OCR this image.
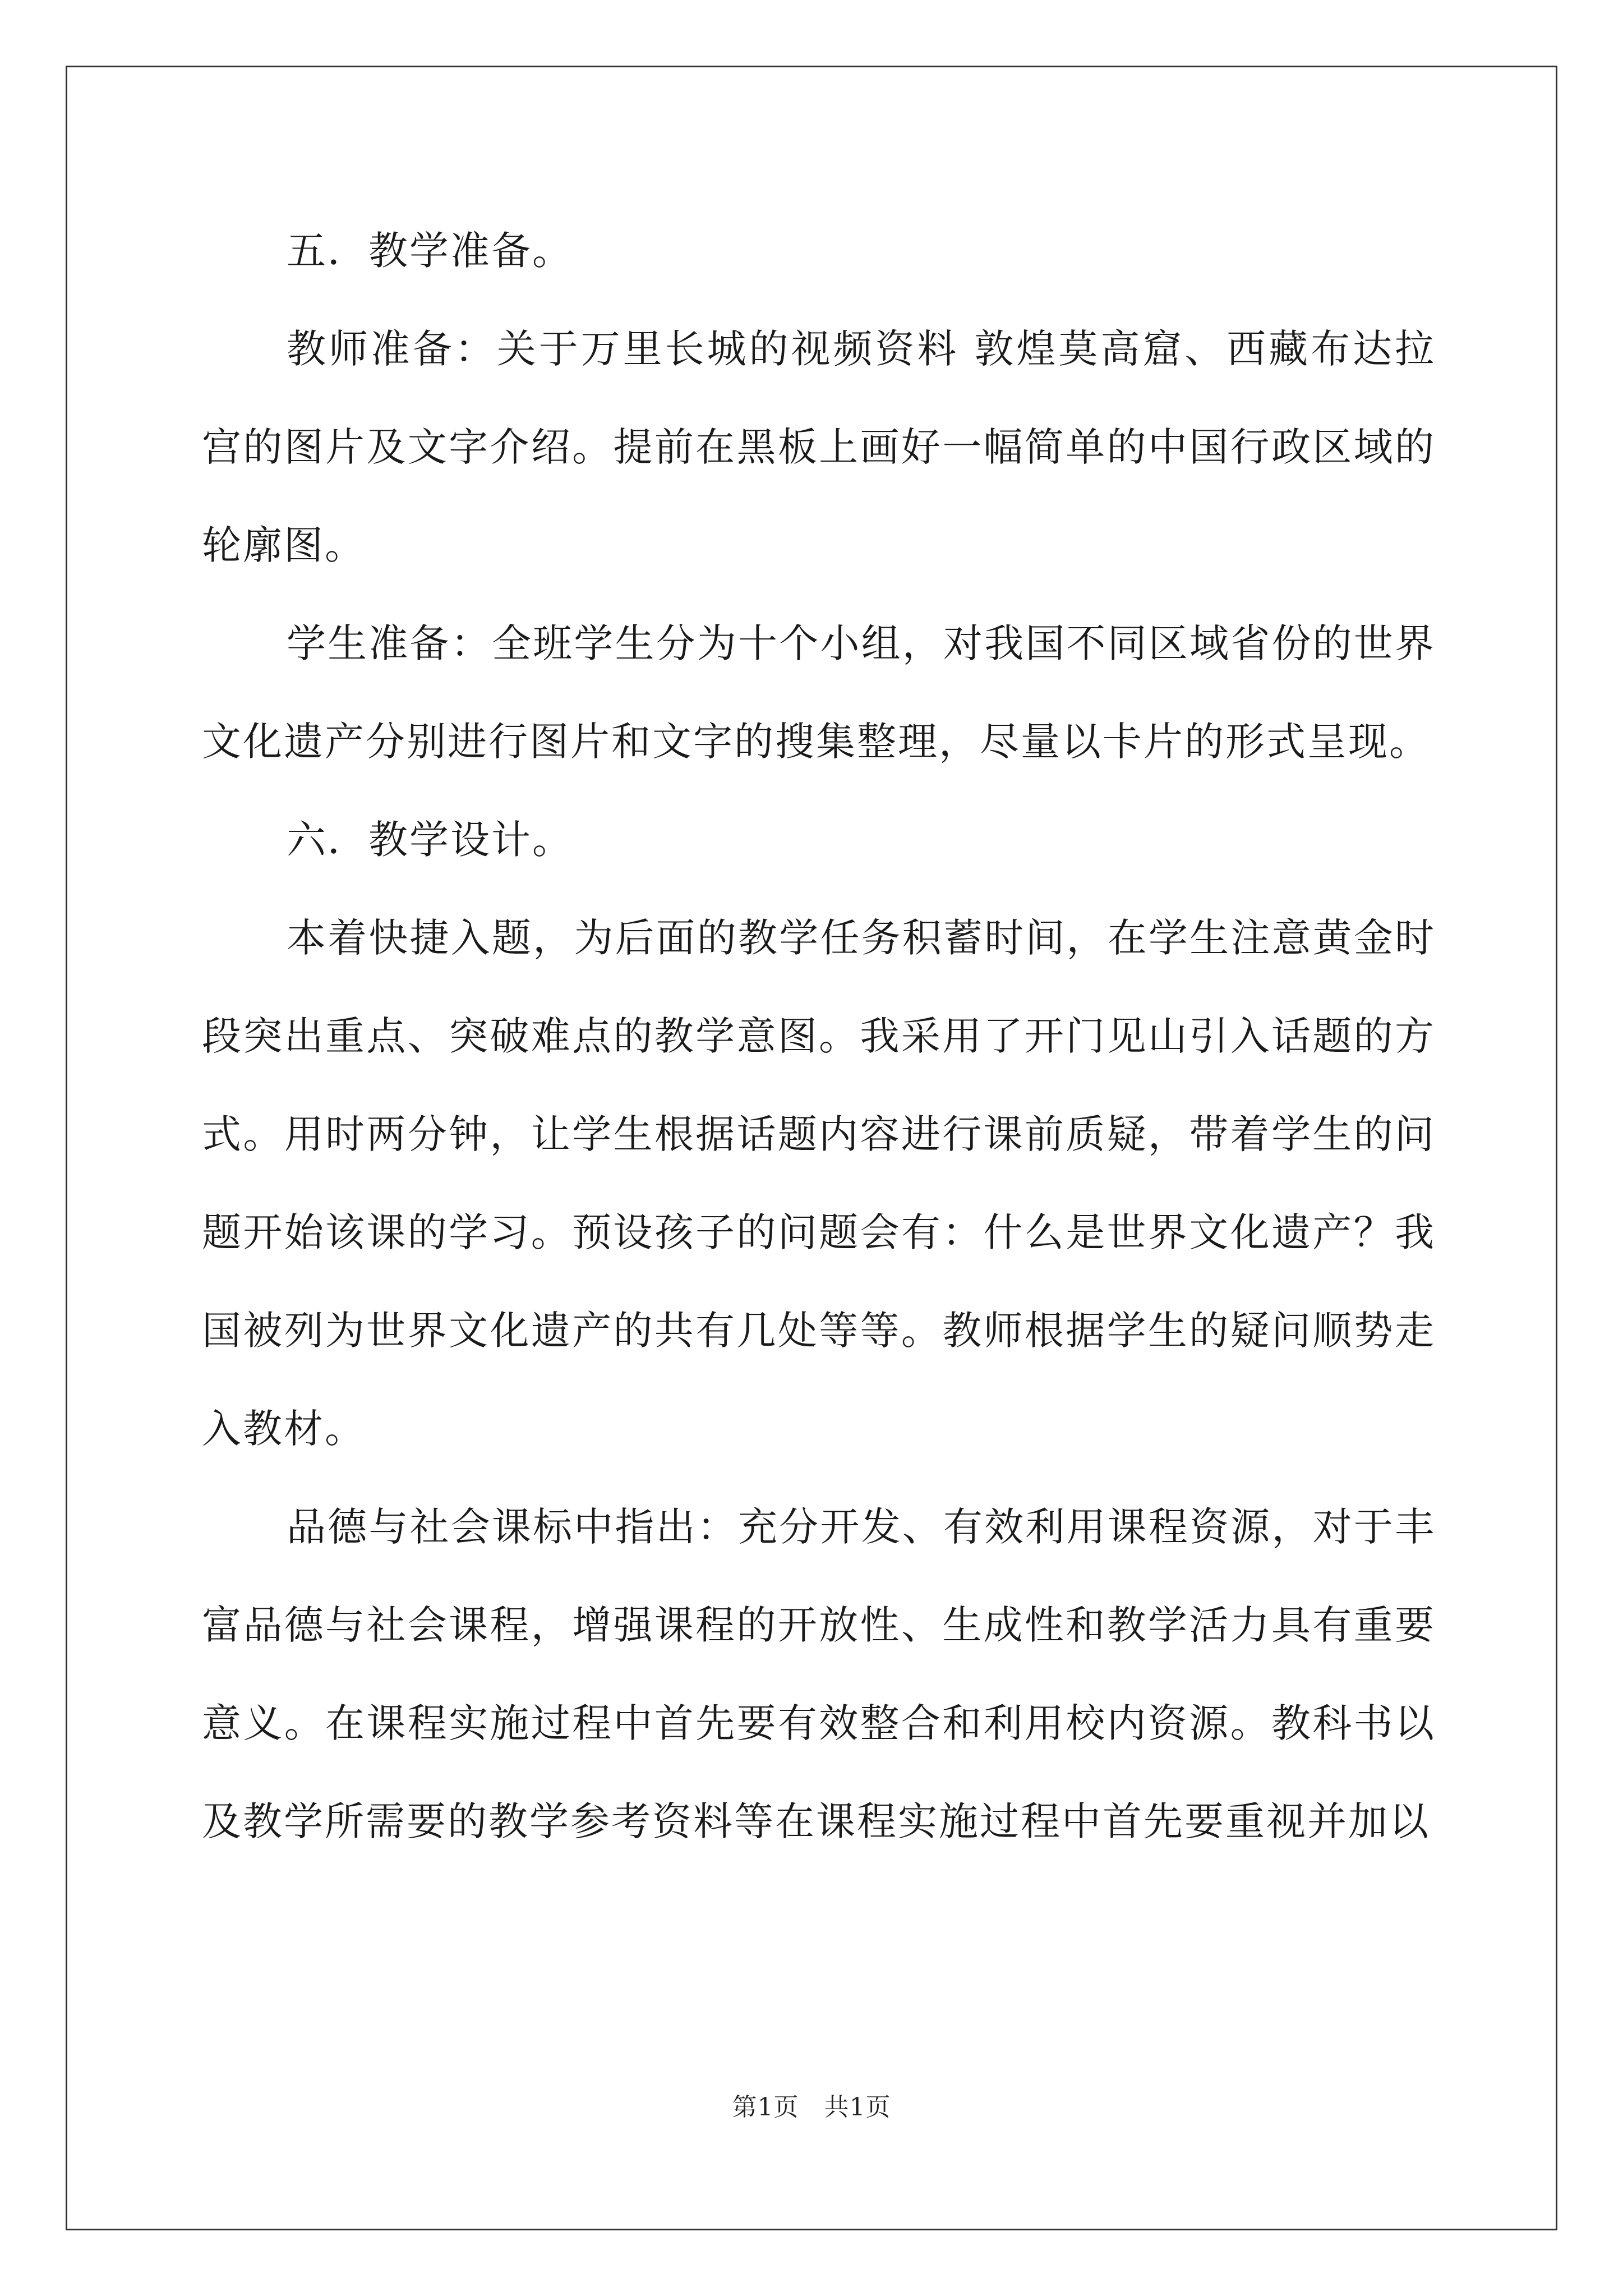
五．教学准备。

教师准备：关于万里长城的视频资料 敦煌莫高窟、西藏布达拉宫的图片及文字介绍。提前在黑板上画好一幅简单的中国行政区域的轮廓图。

学生准备：全班学生分为十个小组，对我国不同区域省份的世界文化遗产分别进行图片和文字的搜集整理，尽量以卡片的形式呈现。

六．教学设计。

本着快捷入题，为后面的教学任务积蓄时间，在学生注意黄金时段突出重点、突破难点的教学意图。我采用了开门见山引入话题的方式。用时两分钟，让学生根据话题内容进行课前质疑，带着学生的问题开始该课的学习。预设孩子的问题会有：什么是世界文化遗产？我国被列为世界文化遗产的共有几处等等。教师根据学生的疑问顺势走入教材。

品德与社会课标中指出：充分开发、有效利用课程资源，对于丰富品德与社会课程，增强课程的开放性、生成性和教学活力具有重要意义。在课程实施过程中首先要有效整合和利用校内资源。教科书以及教学所需要的教学参考资料等在课程实施过程中首先要重视并加以

第1页　共1页
